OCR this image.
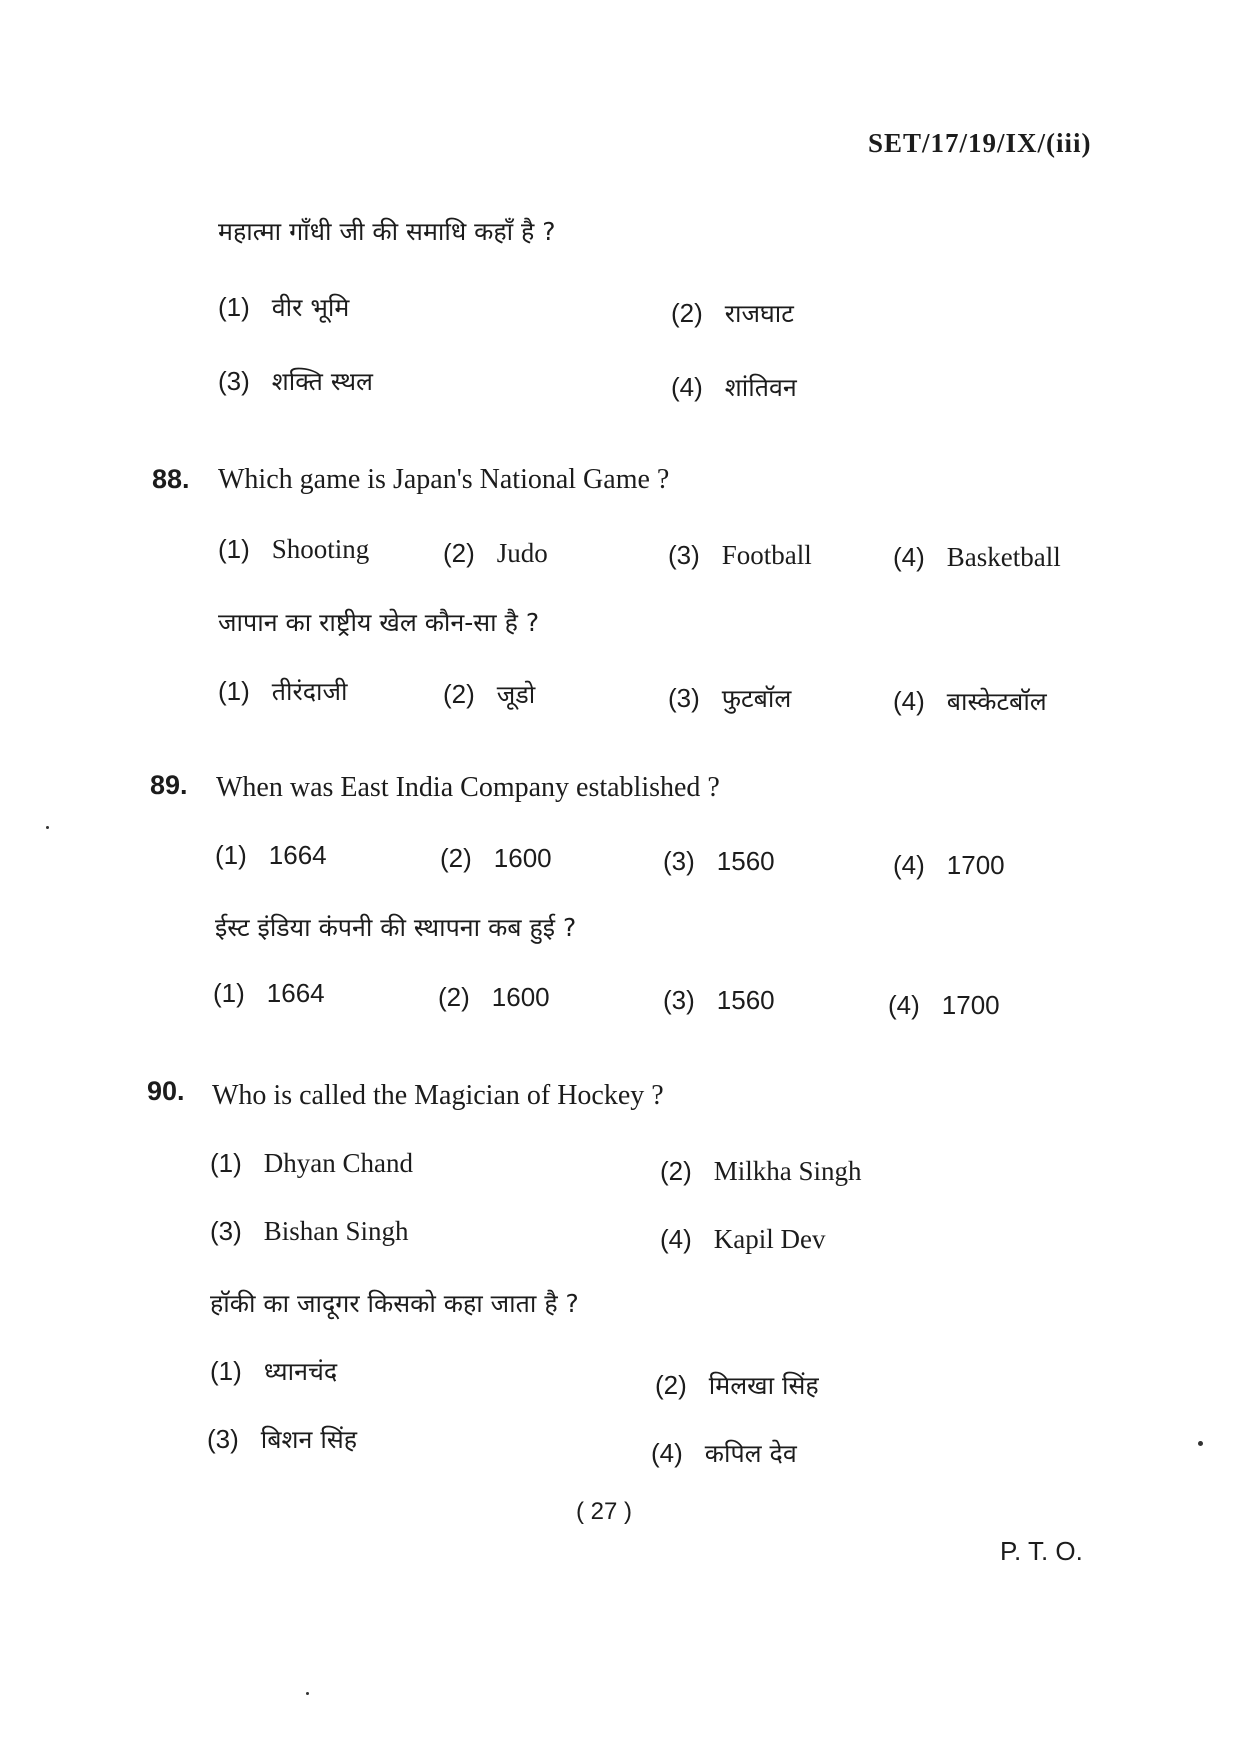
SET/17/19/IX/(iii)
महात्मा गाँधी जी की समाधि कहाँ है ?
(1) वीर भूमि	(2) राजघाट
(3) शक्ति स्थल	(4) शांतिवन
88. Which game is Japan's National Game ?
(1) Shooting	(2) Judo	(3) Football	(4) Basketball
जापान का राष्ट्रीय खेल कौन-सा है ?
(1) तीरंदाजी	(2) जूडो	(3) फुटबॉल	(4) बास्केटबॉल
89. When was East India Company established ?
(1) 1664	(2) 1600	(3) 1560	(4) 1700
ईस्ट इंडिया कंपनी की स्थापना कब हुई ?
(1) 1664	(2) 1600	(3) 1560	(4) 1700
90. Who is called the Magician of Hockey ?
(1) Dhyan Chand	(2) Milkha Singh
(3) Bishan Singh	(4) Kapil Dev
हॉकी का जादूगर किसको कहा जाता है ?
(1) ध्यानचंद	(2) मिलखा सिंह
(3) बिशन सिंह	(4) कपिल देव
( 27 )
P. T. O.
